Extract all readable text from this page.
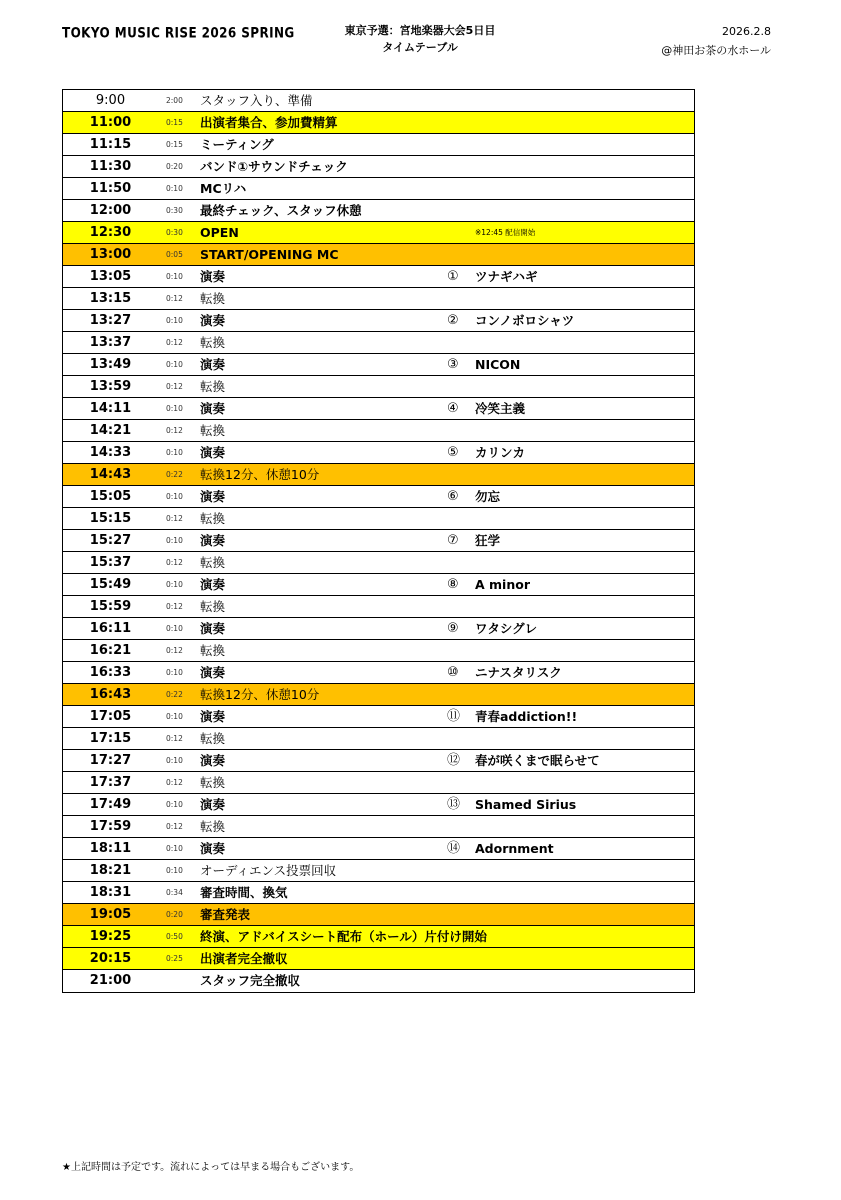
TOKYO MUSIC RISE 2026 SPRING	東京予選：宮地楽器大会5日目
タイムテーブル
2026.2.8
@神田お茶の水ホール
9:00	2:00 スタッフ入り、準備
11:00	0:15 出演者集合、参加費精算
11:15	0:15 ミーティング
11:30	0:20 バンド①サウンドチェック
11:50	0:10 MCリハ
12:00	0:30 最終チェック、スタッフ休憩
12:30	0:30 OPEN	※12:45 配信開始
13:00	0:05 START/OPENING MC
13:05	0:10 演奏	① ツナギハギ
13:15	0:12 転換
13:27	0:10 演奏	② コンノボロシャツ
13:37	0:12 転換
13:49	0:10 演奏	③ NICON
13:59	0:12 転換
14:11	0:10 演奏	④ 冷笑主義
14:21	0:12 転換
14:33	0:10 演奏	⑤ カリンカ
14:43	0:22 転換12分、休憩10分
15:05	0:10 演奏	⑥ 勿忘
15:15	0:12 転換
15:27	0:10 演奏	⑦ 狂学
15:37	0:12 転換
15:49	0:10 演奏	⑧ A minor
15:59	0:12 転換
16:11	0:10 演奏	⑨ ワタシグレ
16:21	0:12 転換
16:33	0:10 演奏	⑩ ニナスタリスク
16:43	0:22 転換12分、休憩10分
17:05	0:10 演奏	⑪ 青春addiction!!
17:15	0:12 転換
17:27	0:10 演奏	⑫ 春が咲くまで眠らせて
17:37	0:12 転換
17:49	0:10 演奏	⑬ Shamed Sirius
17:59	0:12 転換
18:11	0:10 演奏	⑭ Adornment
18:21	0:10 オーディエンス投票回収
18:31	0:34 審査時間、換気
19:05	0:20 審査発表
19:25	0:50 終演、アドバイスシート配布（ホール）片付け開始
20:15	0:25 出演者完全撤収
21:00	スタッフ完全撤収
★上記時間は予定です。流れによっては早まる場合もございます。
